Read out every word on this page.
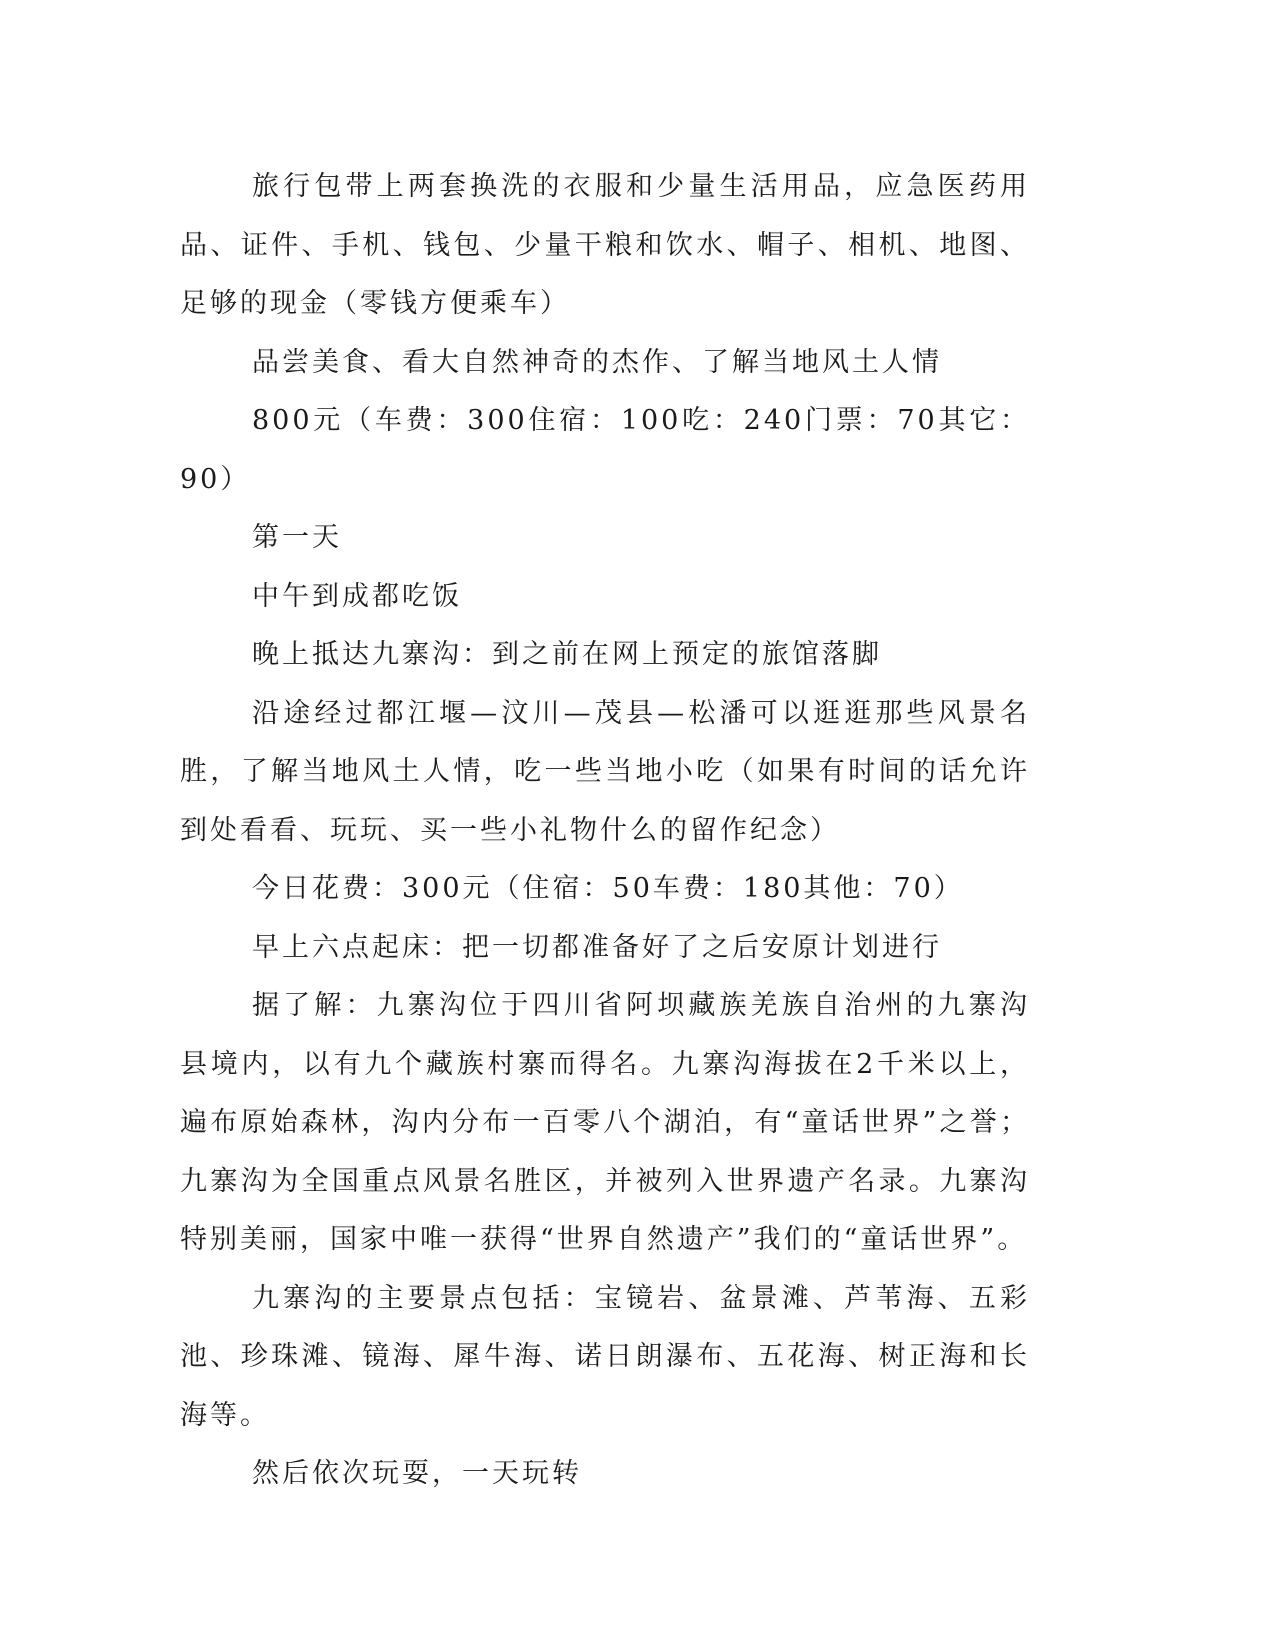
旅行包带上两套换洗的衣服和少量生活用品，应急医药用品、证件、手机、钱包、少量干粮和饮水、帽子、相机、地图、足够的现金（零钱方便乘车）

品尝美食、看大自然神奇的杰作、了解当地风土人情

800元（车费：300住宿：100吃：240门票：70其它：90）

第一天

中午到成都吃饭

晚上抵达九寨沟：到之前在网上预定的旅馆落脚

沿途经过都江堰—汶川—茂县—松潘可以逛逛那些风景名胜，了解当地风土人情，吃一些当地小吃（如果有时间的话允许到处看看、玩玩、买一些小礼物什么的留作纪念）

今日花费：300元（住宿：50车费：180其他：70）

早上六点起床：把一切都准备好了之后安原计划进行

据了解：九寨沟位于四川省阿坝藏族羌族自治州的九寨沟县境内，以有九个藏族村寨而得名。九寨沟海拔在2千米以上，遍布原始森林，沟内分布一百零八个湖泊，有“童话世界”之誉；九寨沟为全国重点风景名胜区，并被列入世界遗产名录。九寨沟特别美丽，国家中唯一获得“世界自然遗产”我们的“童话世界”。

九寨沟的主要景点包括：宝镜岩、盆景滩、芦苇海、五彩池、珍珠滩、镜海、犀牛海、诺日朗瀑布、五花海、树正海和长海等。

然后依次玩耍，一天玩转
